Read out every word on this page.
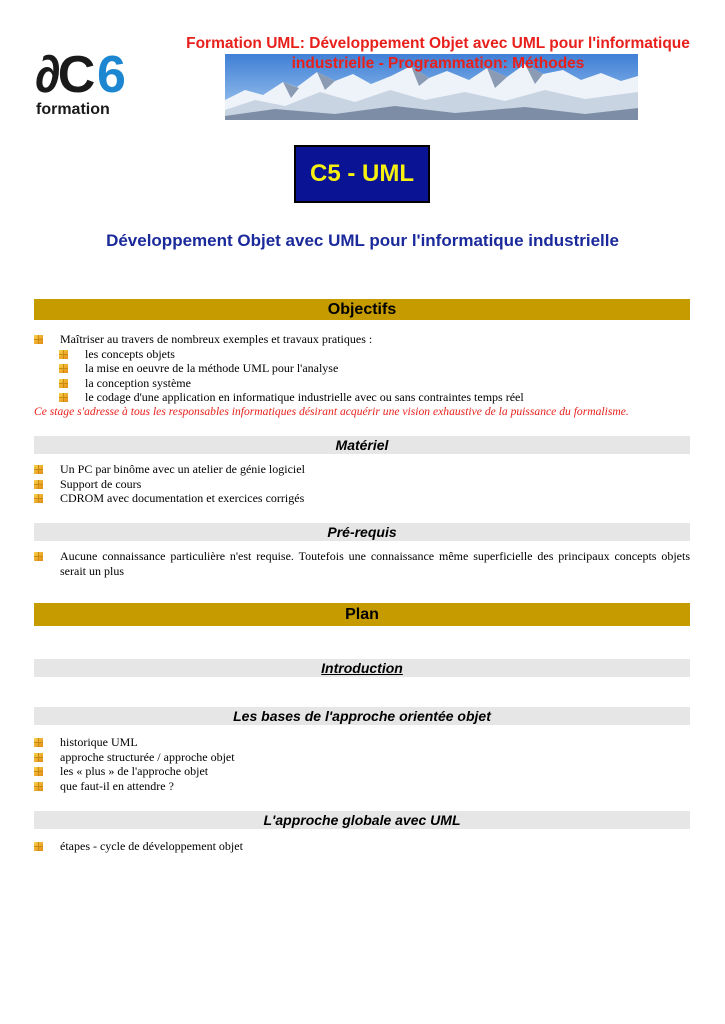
∂C 6
formation
Formation UML: Développement Objet avec UML pour l'informatique
industrielle - Programmation: Méthodes
C5 - UML
Développement Objet avec UML pour l'informatique industrielle
Objectifs
Maîtriser au travers de nombreux exemples et travaux pratiques :
les concepts objets
la mise en oeuvre de la méthode UML pour l'analyse
la conception système
le codage d'une application en informatique industrielle avec ou sans contraintes temps réel
Ce stage s'adresse à tous les responsables informatiques désirant acquérir une vision exhaustive de la puissance du formalisme.
Matériel
Un PC par binôme avec un atelier de génie logiciel
Support de cours
CDROM avec documentation et exercices corrigés
Pré-requis
Aucune connaissance particulière n'est requise. Toutefois une connaissance même superficielle des principaux concepts objets serait un plus
Plan
Introduction
Les bases de l'approche orientée objet
historique UML
approche structurée / approche objet
les « plus » de l'approche objet
que faut-il en attendre ?
L'approche globale avec UML
étapes - cycle de développement objet
